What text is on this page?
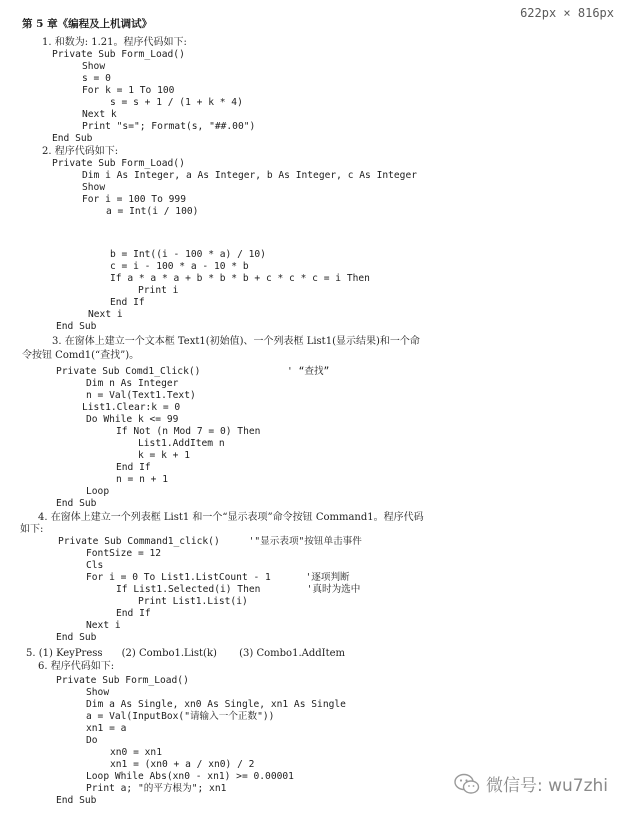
622px × 816px
第 5 章《编程及上机调试》
1. 和数为: 1.21。程序代码如下:
Private Sub Form_Load()
Show
s = 0
For k = 1 To 100
s = s + 1 / (1 + k * 4)
Next k
Print "s="; Format(s, "##.00")
End Sub
2. 程序代码如下:
Private Sub Form_Load()
Dim i As Integer, a As Integer, b As Integer, c As Integer
Show
For i = 100 To 999
a = Int(i / 100)
b = Int((i - 100 * a) / 10)
c = i - 100 * a - 10 * b
If a * a * a + b * b * b + c * c * c = i Then
Print i
End If
Next i
End Sub
3. 在窗体上建立一个文本框 Text1(初始值)、一个列表框 List1(显示结果)和一个命
令按钮 Comd1(“查找”)。
Private Sub Comd1_Click()               ' “查找”
Dim n As Integer
n = Val(Text1.Text)
List1.Clear:k = 0
Do While k <= 99
If Not (n Mod 7 = 0) Then
List1.AddItem n
k = k + 1
End If
n = n + 1
Loop
End Sub
4. 在窗体上建立一个列表框 List1 和一个“显示表项”命令按钮 Command1。程序代码
如下:
Private Sub Command1_click()     '"显示表项"按钮单击事件
FontSize = 12
Cls
For i = 0 To List1.ListCount - 1      '逐项判断
If List1.Selected(i) Then        '真时为选中
Print List1.List(i)
End If
Next i
End Sub
5. (1) KeyPress      (2) Combo1.List(k)       (3) Combo1.AddItem
6. 程序代码如下:
Private Sub Form_Load()
Show
Dim a As Single, xn0 As Single, xn1 As Single
a = Val(InputBox("请输入一个正数"))
xn1 = a
Do
xn0 = xn1
xn1 = (xn0 + a / xn0) / 2
Loop While Abs(xn0 - xn1) >= 0.00001
Print a; "的平方根为"; xn1
End Sub
微信号: wu7zhi
